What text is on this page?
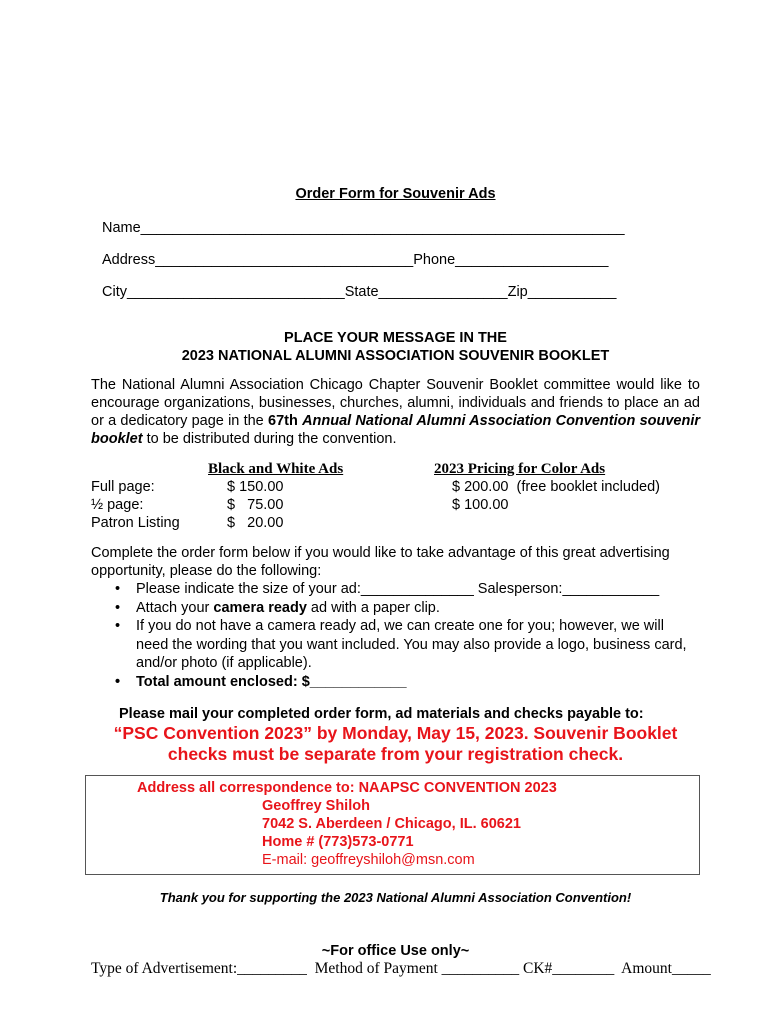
Order Form for Souvenir Ads
Name____________________________________________________________
Address________________________________Phone___________________
City___________________________State________________Zip___________
PLACE YOUR MESSAGE IN THE
2023 NATIONAL ALUMNI ASSOCIATION SOUVENIR BOOKLET
The National Alumni Association Chicago Chapter Souvenir Booklet committee would like to encourage organizations, businesses, churches, alumni, individuals and friends to place an ad or a dedicatory page in the 67th Annual National Alumni Association Convention souvenir booklet to be distributed during the convention.
Black and White Ads	2023 Pricing for Color Ads
Full page:	$ 150.00	$ 200.00  (free booklet included)
½ page:	$   75.00	$ 100.00
Patron Listing	$   20.00
Complete the order form below if you would like to take advantage of this great advertising opportunity, please do the following:
• Please indicate the size of your ad:______________ Salesperson:____________
• Attach your camera ready ad with a paper clip.
• If you do not have a camera ready ad, we can create one for you; however, we will need the wording that you want included. You may also provide a logo, business card, and/or photo (if applicable).
• Total amount enclosed: $____________
Please mail your completed order form, ad materials and checks payable to:
“PSC Convention 2023” by Monday, May 15, 2023. Souvenir Booklet
checks must be separate from your registration check.
Address all correspondence to: NAAPSC CONVENTION 2023
Geoffrey Shiloh
7042 S. Aberdeen / Chicago, IL. 60621
Home # (773)573-0771
E-mail: geoffreyshiloh@msn.com
Thank you for supporting the 2023 National Alumni Association Convention!
~For office Use only~
Type of Advertisement:_________  Method of Payment __________ CK#________  Amount_____
